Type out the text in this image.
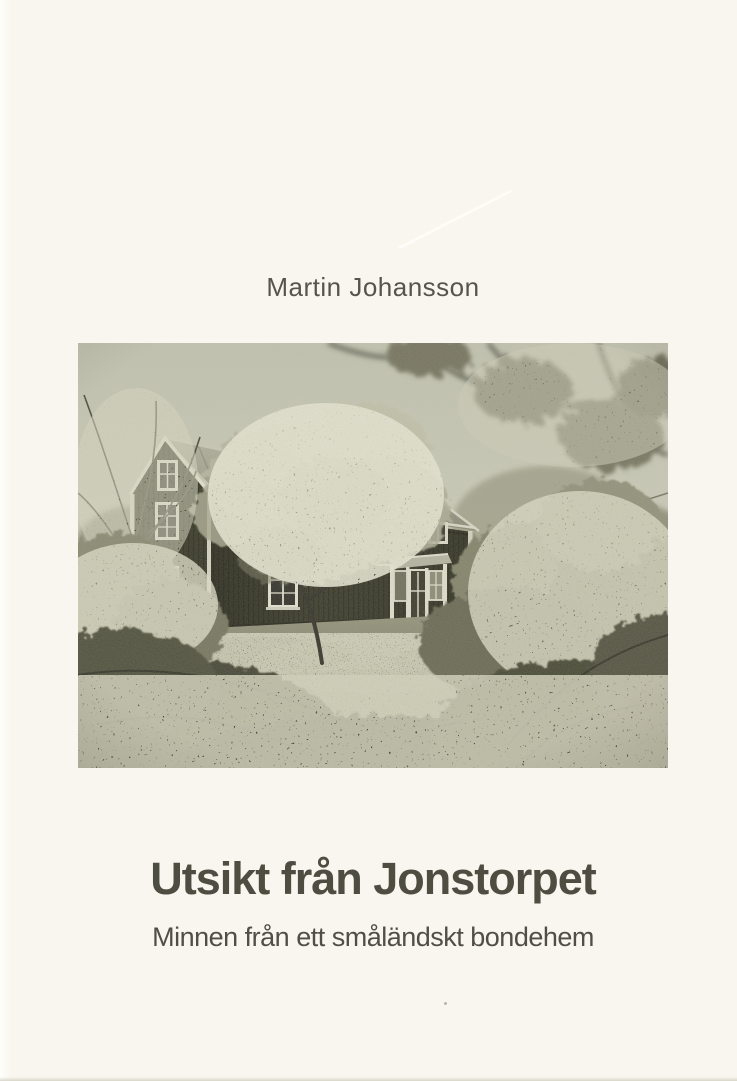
Martin Johansson
Utsikt från Jonstorpet
Minnen från ett småländskt bondehem
